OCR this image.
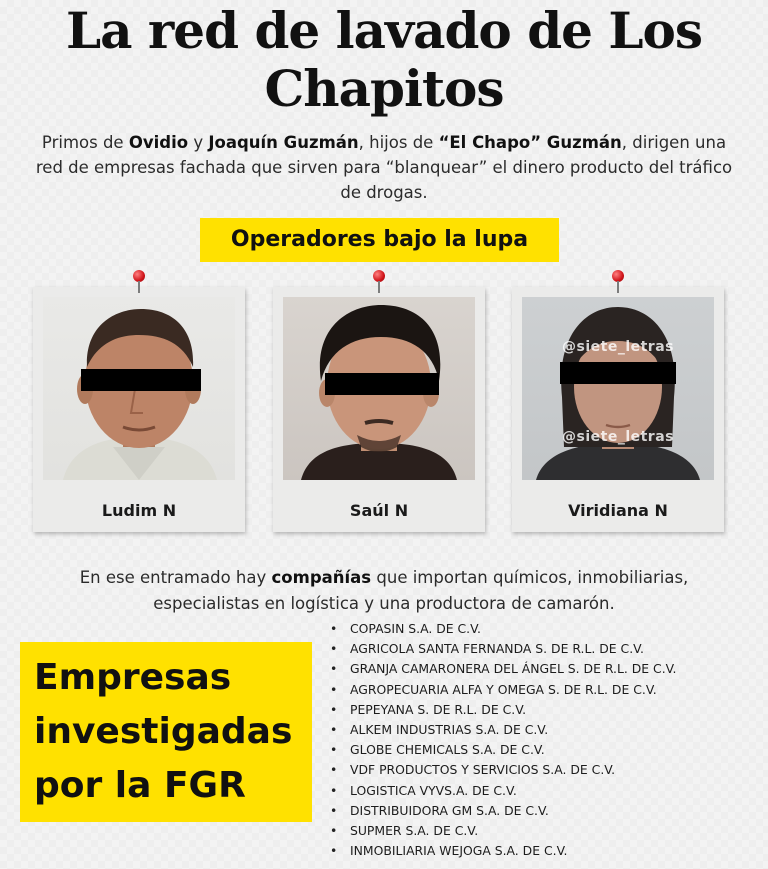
La red de lavado de Los
Chapitos
Primos de Ovidio y Joaquín Guzmán, hijos de “El Chapo” Guzmán, dirigen una red de empresas fachada que sirven para “blanquear” el dinero producto del tráfico de drogas.
Operadores bajo la lupa
Ludim N	Saúl N
@siete_letras
@siete_letras
Viridiana N
En ese entramado hay compañías que importan químicos, inmobiliarias, especialistas en logística y una productora de camarón.
Empresas
investigadas
por la FGR
• COPASIN S.A. DE C.V.
• AGRICOLA SANTA FERNANDA S. DE R.L. DE C.V.
• GRANJA CAMARONERA DEL ÁNGEL S. DE R.L. DE C.V.
• AGROPECUARIA ALFA Y OMEGA S. DE R.L. DE C.V.
• PEPEYANA S. DE R.L. DE C.V.
• ALKEM INDUSTRIAS S.A. DE C.V.
• GLOBE CHEMICALS S.A. DE C.V.
• VDF PRODUCTOS Y SERVICIOS S.A. DE C.V.
• LOGISTICA VYVS.A. DE C.V.
• DISTRIBUIDORA GM S.A. DE C.V.
• SUPMER S.A. DE C.V.
• INMOBILIARIA WEJOGA S.A. DE C.V.
